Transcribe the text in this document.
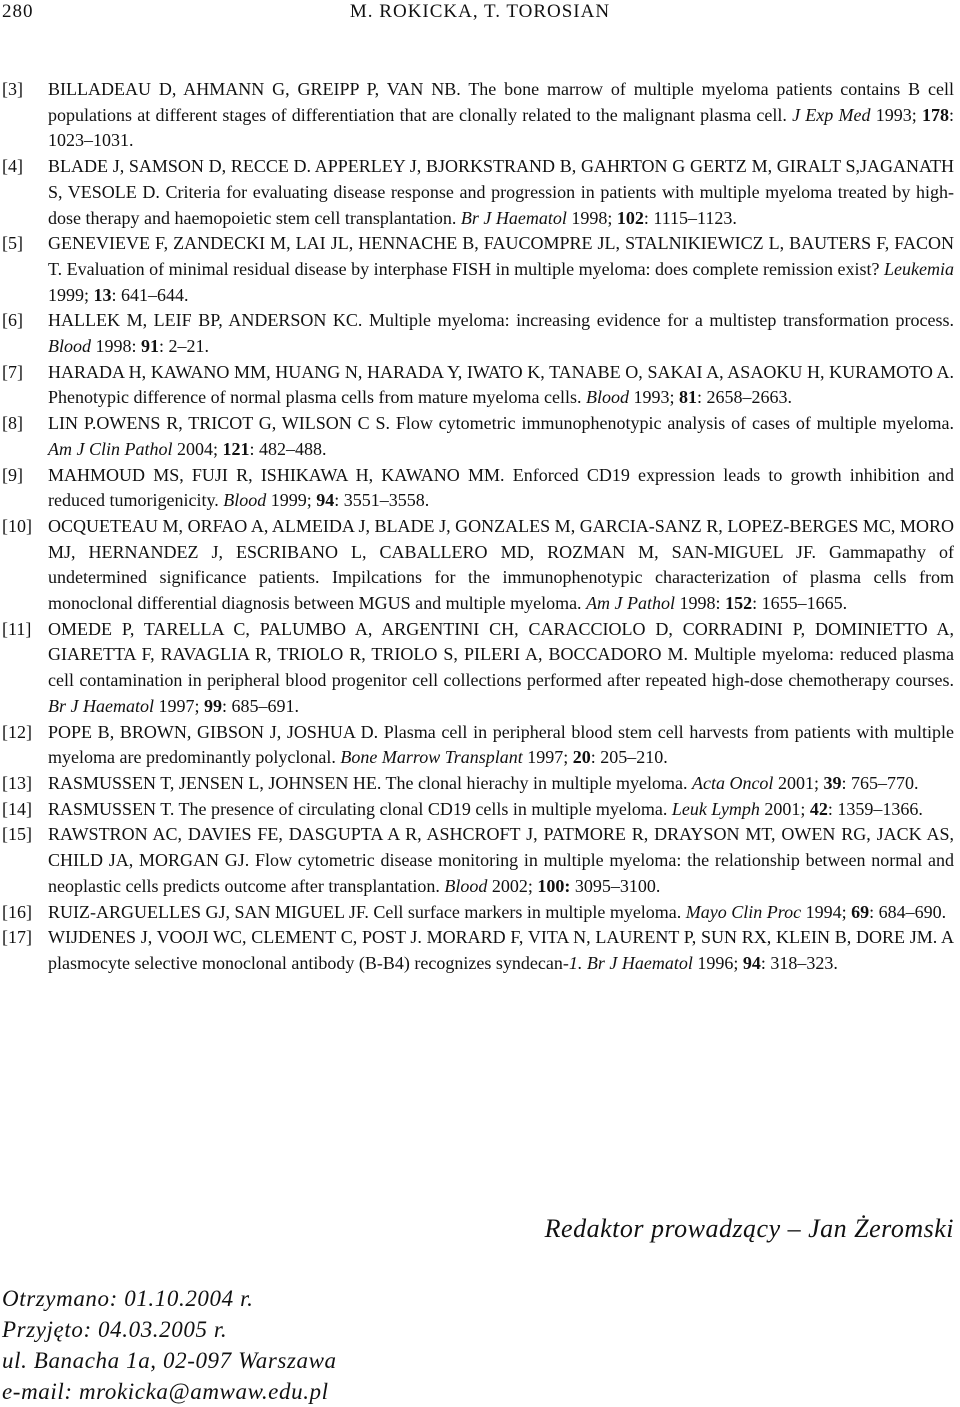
280	M. ROKICKA, T. TOROSIAN
[3] BILLADEAU D, AHMANN G, GREIPP P, VAN NB. The bone marrow of multiple myeloma patients contains B cell populations at different stages of differentiation that are clonally related to the malignant plasma cell. J Exp Med 1993; 178: 1023–1031.
[4] BLADE J, SAMSON D, RECCE D. APPERLEY J, BJORKSTRAND B, GAHRTON G GERTZ M, GIRALT S,JAGANATH S, VESOLE D. Criteria for evaluating disease response and progression in patients with multiple myeloma treated by high-dose therapy and haemopoietic stem cell transplantation. Br J Haematol 1998; 102: 1115–1123.
[5] GENEVIEVE F, ZANDECKI M, LAI JL, HENNACHE B, FAUCOMPRE JL, STALNIKIEWICZ L, BAUTERS F, FACON T. Evaluation of minimal residual disease by interphase FISH in multiple myeloma: does complete remission exist? Leukemia 1999; 13: 641–644.
[6] HALLEK M, LEIF BP, ANDERSON KC. Multiple myeloma: increasing evidence for a multistep transformation process. Blood 1998: 91: 2–21.
[7] HARADA H, KAWANO MM, HUANG N, HARADA Y, IWATO K, TANABE O, SAKAI A, ASAOKU H, KURAMOTO A. Phenotypic difference of normal plasma cells from mature myeloma cells. Blood 1993; 81: 2658–2663.
[8] LIN P.OWENS R, TRICOT G, WILSON C S. Flow cytometric immunophenotypic analysis of cases of multiple myeloma. Am J Clin Pathol 2004; 121: 482–488.
[9] MAHMOUD MS, FUJI R, ISHIKAWA H, KAWANO MM. Enforced CD19 expression leads to growth inhibition and reduced tumorigenicity. Blood 1999; 94: 3551–3558.
[10] OCQUETEAU M, ORFAO A, ALMEIDA J, BLADE J, GONZALES M, GARCIA-SANZ R, LOPEZ-BERGES MC, MORO MJ, HERNANDEZ J, ESCRIBANO L, CABALLERO MD, ROZMAN M, SAN-MIGUEL JF. Gammapathy of undetermined significance patients. Impilcations for the immunophenotypic characterization of plasma cells from monoclonal differential diagnosis between MGUS and multiple myeloma. Am J Pathol 1998: 152: 1655–1665.
[11] OMEDE P, TARELLA C, PALUMBO A, ARGENTINI CH, CARACCIOLO D, CORRADINI P, DOMINIETTO A, GIARETTA F, RAVAGLIA R, TRIOLO R, TRIOLO S, PILERI A, BOCCADORO M. Multiple myeloma: reduced plasma cell contamination in peripheral blood progenitor cell collections performed after repeated high-dose chemotherapy courses. Br J Haematol 1997; 99: 685–691.
[12] POPE B, BROWN, GIBSON J, JOSHUA D. Plasma cell in peripheral blood stem cell harvests from patients with multiple myeloma are predominantly polyclonal. Bone Marrow Transplant 1997; 20: 205–210.
[13] RASMUSSEN T, JENSEN L, JOHNSEN HE. The clonal hierachy in multiple myeloma. Acta Oncol 2001; 39: 765–770.
[14] RASMUSSEN T. The presence of circulating clonal CD19 cells in multiple myeloma. Leuk Lymph 2001; 42: 1359–1366.
[15] RAWSTRON AC, DAVIES FE, DASGUPTA A R, ASHCROFT J, PATMORE R, DRAYSON MT, OWEN RG, JACK AS, CHILD JA, MORGAN GJ. Flow cytometric disease monitoring in multiple myeloma: the relationship between normal and neoplastic cells predicts outcome after transplantation. Blood 2002; 100: 3095–3100.
[16] RUIZ-ARGUELLES GJ, SAN MIGUEL JF. Cell surface markers in multiple myeloma. Mayo Clin Proc 1994; 69: 684–690.
[17] WIJDENES J, VOOJI WC, CLEMENT C, POST J. MORARD F, VITA N, LAURENT P, SUN RX, KLEIN B, DORE JM. A plasmocyte selective monoclonal antibody (B-B4) recognizes syndecan-1. Br J Haematol 1996; 94: 318–323.
Redaktor prowadzący – Jan Żeromski
Otrzymano: 01.10.2004 r.
Przyjęto: 04.03.2005 r.
ul. Banacha 1a, 02-097 Warszawa
e-mail: mrokicka@amwaw.edu.pl
